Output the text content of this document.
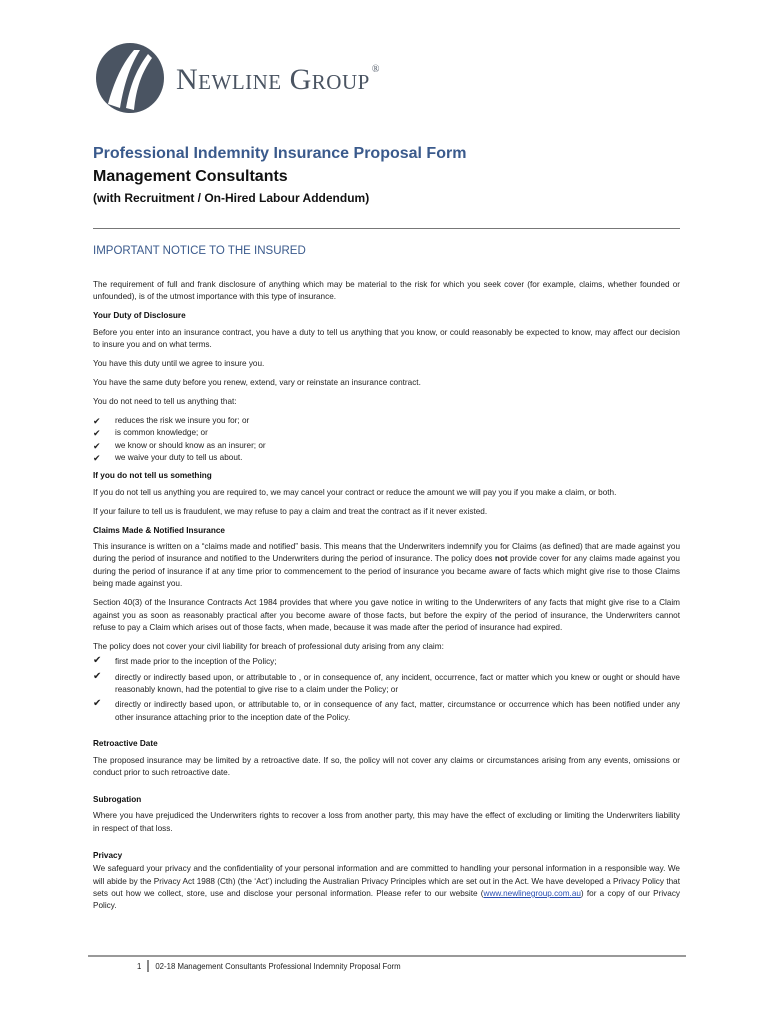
Newline Group ®
Professional Indemnity Insurance Proposal Form
Management Consultants
(with Recruitment / On-Hired Labour Addendum)
IMPORTANT NOTICE TO THE INSURED

The requirement of full and frank disclosure of anything which may be material to the risk for which you seek cover (for example, claims, whether founded or unfounded), is of the utmost importance with this type of insurance.

Your Duty of Disclosure

Before you enter into an insurance contract, you have a duty to tell us anything that you know, or could reasonably be expected to know, may affect our decision to insure you and on what terms.

You have this duty until we agree to insure you.

You have the same duty before you renew, extend, vary or reinstate an insurance contract.

You do not need to tell us anything that:

✔ reduces the risk we insure you for; or
✔ is common knowledge; or
✔ we know or should know as an insurer; or
✔ we waive your duty to tell us about.
If you do not tell us something

If you do not tell us anything you are required to, we may cancel your contract or reduce the amount we will pay you if you make a claim, or both.

If your failure to tell us is fraudulent, we may refuse to pay a claim and treat the contract as if it never existed.

Claims Made & Notified Insurance

This insurance is written on a “claims made and notified” basis. This means that the Underwriters indemnify you for Claims (as defined) that are made against you during the period of insurance and notified to the Underwriters during the period of insurance. The policy does not provide cover for any claims made against you during the period of insurance if at any time prior to commencement to the period of insurance you became aware of facts which might give rise to those Claims being made against you.

Section 40(3) of the Insurance Contracts Act 1984 provides that where you gave notice in writing to the Underwriters of any facts that might give rise to a Claim against you as soon as reasonably practical after you become aware of those facts, but before the expiry of the period of insurance, the Underwriters cannot refuse to pay a Claim which arises out of those facts, when made, because it was made after the period of insurance had expired.

The policy does not cover your civil liability for breach of professional duty arising from any claim:

✔ first made prior to the inception of the Policy;
✔ directly or indirectly based upon, or attributable to , or in consequence of, any incident, occurrence, fact or matter which you knew or ought or should have reasonably known, had the potential to give rise to a claim under the Policy; or
✔ directly or indirectly based upon, or attributable to, or in consequence of any fact, matter, circumstance or occurrence which has been notified under any other insurance attaching prior to the inception date of the Policy.
Retroactive Date

The proposed insurance may be limited by a retroactive date. If so, the policy will not cover any claims or circumstances arising from any events, omissions or conduct prior to such retroactive date.

Subrogation

Where you have prejudiced the Underwriters rights to recover a loss from another party, this may have the effect of excluding or limiting the Underwriters liability in respect of that loss.

Privacy

We safeguard your privacy and the confidentiality of your personal information and are committed to handling your personal information in a responsible way. We will abide by the Privacy Act 1988 (Cth) (the ‘Act’) including the Australian Privacy Principles which are set out in the Act. We have developed a Privacy Policy that sets out how we collect, store, use and disclose your personal information. Please refer to our website (www.newlinegroup.com.au) for a copy of our Privacy Policy.

1 02-18 Management Consultants Professional Indemnity Proposal Form
